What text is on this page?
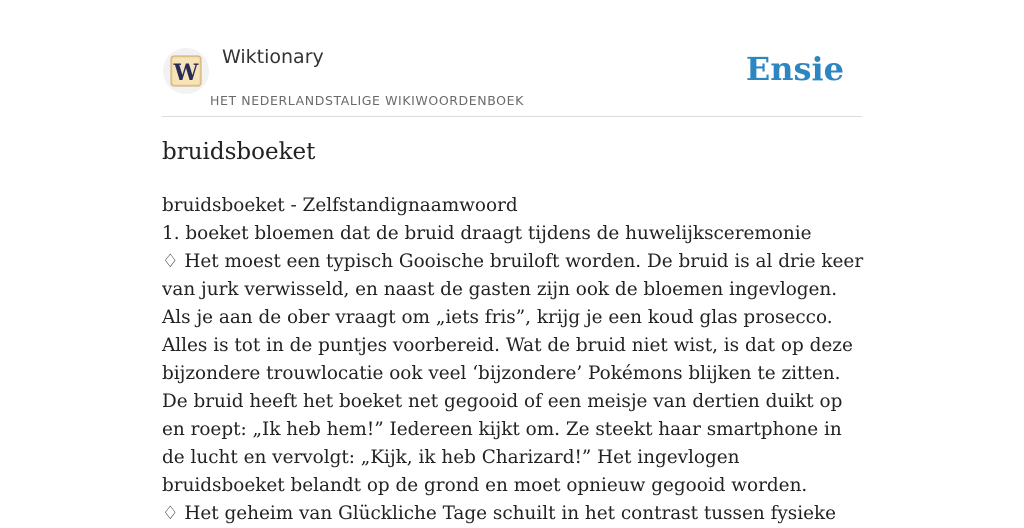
W
Wiktionary
HET NEDERLANDSTALIGE WIKIWOORDENBOEK
Ensie
bruidsboeket

bruidsboeket - Zelfstandignaamwoord

1. boeket bloemen dat de bruid draagt tijdens de huwelijksceremonie

♢ Het moest een typisch Gooische bruiloft worden. De bruid is al drie keer van jurk verwisseld, en naast de gasten zijn ook de bloemen ingevlogen. Als je aan de ober vraagt om „iets fris”, krijg je een koud glas prosecco. Alles is tot in de puntjes voorbereid. Wat de bruid niet wist, is dat op deze bijzondere trouwlocatie ook veel ‘bijzondere’ Pokémons blijken te zitten. De bruid heeft het boeket net gegooid of een meisje van dertien duikt op en roept: „Ik heb hem!” Iedereen kijkt om. Ze steekt haar smartphone in de lucht en vervolgt: „Kijk, ik heb Charizard!” Het ingevlogen bruidsboeket belandt op de grond en moet opnieuw gegooid worden.

♢ Het geheim van Glückliche Tage schuilt in het contrast tussen fysieke
